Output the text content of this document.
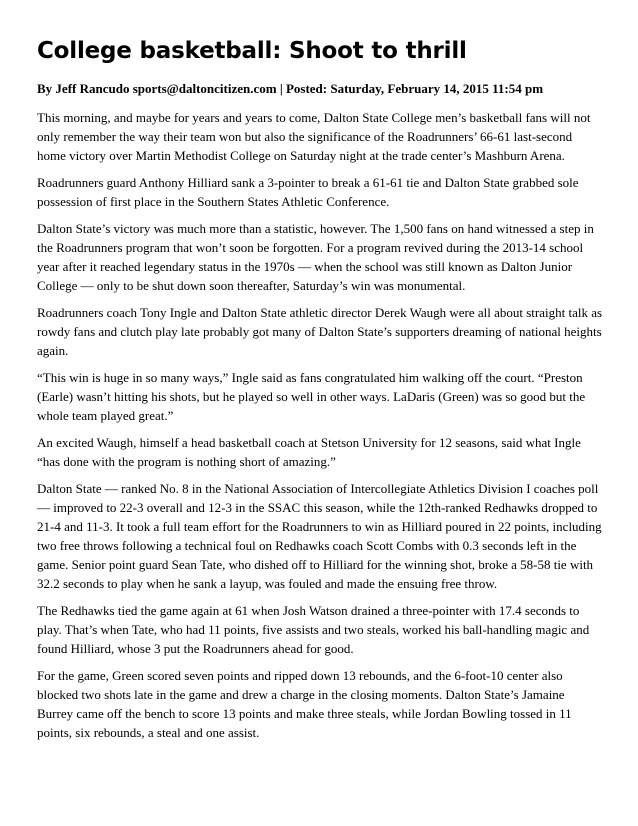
College basketball: Shoot to thrill
By Jeff Rancudo sports@daltoncitizen.com | Posted: Saturday, February 14, 2015 11:54 pm

This morning, and maybe for years and years to come, Dalton State College men’s basketball fans will not only remember the way their team won but also the significance of the Roadrunners’ 66-61 last-second home victory over Martin Methodist College on Saturday night at the trade center’s Mashburn Arena.

Roadrunners guard Anthony Hilliard sank a 3-pointer to break a 61-61 tie and Dalton State grabbed sole possession of first place in the Southern States Athletic Conference.

Dalton State’s victory was much more than a statistic, however. The 1,500 fans on hand witnessed a step in the Roadrunners program that won’t soon be forgotten. For a program revived during the 2013-14 school year after it reached legendary status in the 1970s — when the school was still known as Dalton Junior College — only to be shut down soon thereafter, Saturday’s win was monumental.

Roadrunners coach Tony Ingle and Dalton State athletic director Derek Waugh were all about straight talk as rowdy fans and clutch play late probably got many of Dalton State’s supporters dreaming of national heights again.

“This win is huge in so many ways,” Ingle said as fans congratulated him walking off the court. “Preston (Earle) wasn’t hitting his shots, but he played so well in other ways. LaDaris (Green) was so good but the whole team played great.”

An excited Waugh, himself a head basketball coach at Stetson University for 12 seasons, said what Ingle “has done with the program is nothing short of amazing.”

Dalton State — ranked No. 8 in the National Association of Intercollegiate Athletics Division I coaches poll — improved to 22-3 overall and 12-3 in the SSAC this season, while the 12th-ranked Redhawks dropped to 21-4 and 11-3. It took a full team effort for the Roadrunners to win as Hilliard poured in 22 points, including two free throws following a technical foul on Redhawks coach Scott Combs with 0.3 seconds left in the game. Senior point guard Sean Tate, who dished off to Hilliard for the winning shot, broke a 58-58 tie with 32.2 seconds to play when he sank a layup, was fouled and made the ensuing free throw.

The Redhawks tied the game again at 61 when Josh Watson drained a three-pointer with 17.4 seconds to play. That’s when Tate, who had 11 points, five assists and two steals, worked his ball-handling magic and found Hilliard, whose 3 put the Roadrunners ahead for good.

For the game, Green scored seven points and ripped down 13 rebounds, and the 6-foot-10 center also blocked two shots late in the game and drew a charge in the closing moments. Dalton State’s Jamaine Burrey came off the bench to score 13 points and make three steals, while Jordan Bowling tossed in 11 points, six rebounds, a steal and one assist.
